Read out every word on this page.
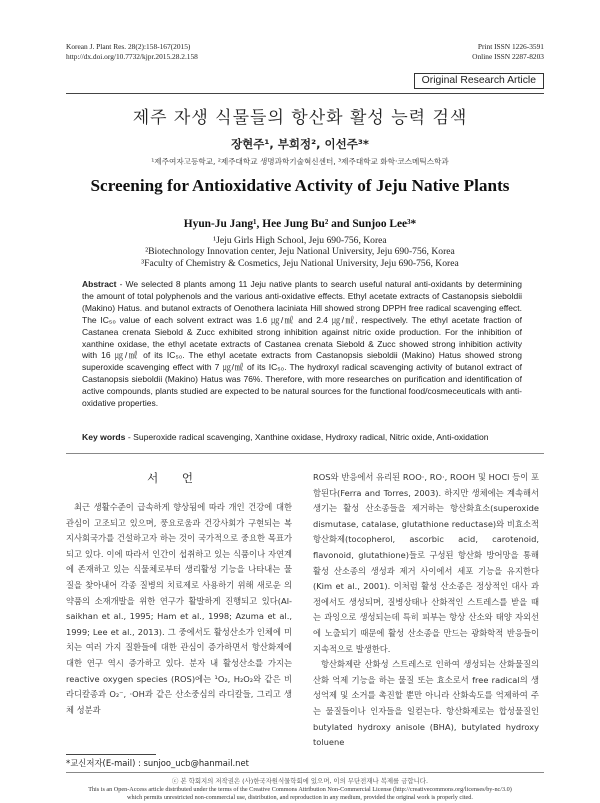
Korean J. Plant Res. 28(2):158-167(2015)
http://dx.doi.org/10.7732/kjpr.2015.28.2.158
Print ISSN 1226-3591
Online ISSN 2287-8203
Original Research Article
제주 자생 식물들의 항산화 활성 능력 검색
장현주¹, 부희정², 이선주³*
¹제주여자고등학교, ²제주대학교 생명과학기술혁신센터, ³제주대학교 화학·코스메틱스학과
Screening for Antioxidative Activity of Jeju Native Plants
Hyun-Ju Jang¹, Hee Jung Bu² and Sunjoo Lee³*
¹Jeju Girls High School, Jeju 690-756, Korea
²Biotechnology Innovation center, Jeju National University, Jeju 690-756, Korea
³Faculty of Chemistry & Cosmetics, Jeju National University, Jeju 690-756, Korea
Abstract - We selected 8 plants among 11 Jeju native plants to search useful natural anti-oxidants by determining the amount of total polyphenols and the various anti-oxidative effects. Ethyl acetate extracts of Castanopsis sieboldii (Makino) Hatus. and butanol extracts of Oenothera laciniata Hill showed strong DPPH free radical scavenging effect. The IC₅₀ value of each solvent extract was 1.6 ㎍/㎖ and 2.4 ㎍/㎖, respectively. The ethyl acetate fraction of Castanea crenata Siebold & Zucc exhibited strong inhibition against nitric oxide production. For the inhibition of xanthine oxidase, the ethyl acetate extracts of Castanea crenata Siebold & Zucc showed strong inhibition activity with 16 ㎍/㎖ of its IC₅₀. The ethyl acetate extracts from Castanopsis sieboldii (Makino) Hatus showed strong superoxide scavenging effect with 7 ㎍/㎖ of its IC₅₀. The hydroxyl radical scavenging activity of butanol extract of Castanopsis sieboldii (Makino) Hatus was 76%. Therefore, with more researches on purification and identification of active compounds, plants studied are expected to be natural sources for the functional food/cosmeceuticals with anti-oxidative properties.
Key words - Superoxide radical scavenging, Xanthine oxidase, Hydroxy radical, Nitric oxide, Anti-oxidation
서 언

최근 생활수준이 급속하게 향상됨에 따라 개인 건강에 대한 관심이 고조되고 있으며, 풍요로움과 건강사회가 구현되는 복지사회국가를 건설하고자 하는 것이 국가적으로 중요한 목표가 되고 있다. 이에 따라서 인간이 섭취하고 있는 식품이나 자연계에 존재하고 있는 식물체로부터 생리활성 기능을 나타내는 물질을 찾아내어 각종 질병의 치료제로 사용하기 위해 새로운 의약품의 소재개발을 위한 연구가 활발하게 진행되고 있다(Al-saikhan et al., 1995; Ham et al., 1998; Azuma et al., 1999; Lee et al., 2013). 그 중에서도 활성산소가 인체에 미치는 여러 가지 질환들에 대한 관심이 증가하면서 항산화제에 대한 연구 역시 증가하고 있다. 분자 내 활성산소를 가지는 reactive oxygen species (ROS)에는 ¹O₂, H₂O₂와 같은 비 라디칼종과 O₂⁻, ·OH과 같은 산소중심의 라디칼들, 그리고 생체 성분과

ROS와 반응에서 유리된 ROO·, RO·, ROOH 및 HOCl 등이 포함된다(Ferra and Torres, 2003). 하지만 생체에는 계속해서 생기는 활성 산소종들을 제거하는 항산화효소(superoxide dismutase, catalase, glutathione reductase)와 비효소적 항산화제(tocopherol, ascorbic acid, carotenoid, flavonoid, glutathione)들로 구성된 항산화 방어망을 통해 활성 산소종의 생성과 제거 사이에서 세포 기능을 유지한다(Kim et al., 2001). 이처럼 활성 산소종은 정상적인 대사 과정에서도 생성되며, 질병상태나 산화적인 스트레스를 받을 때는 과잉으로 생성되는데 특히 피부는 항상 산소와 태양 자외선에 노출되기 때문에 활성 산소종을 만드는 광화학적 반응들이 지속적으로 발생한다.

항산화제란 산화성 스트레스로 인하여 생성되는 산화물질의 산화 억제 기능을 하는 물질 또는 효소로서 free radical의 생성억제 및 소거를 촉진할 뿐만 아니라 산화속도를 억제하여 주는 물질들이나 인자들을 일컫는다. 항산화제로는 합성물질인 butylated hydroxy anisole (BHA), butylated hydroxy toluene

*교신저자(E-mail) : sunjoo_ucb@hanmail.net
ⓒ 본 학회지의 저작권은 (사)한국자원식물학회에 있으며, 이의 무단전재나 복제를 금합니다.
This is an Open-Access article distributed under the terms of the Creative Commons Attribution Non-Commercial License (http://creativecommons.org/licenses/by-nc/3.0)
which permits unrestricted non-commercial use, distribution, and reproduction in any medium, provided the original work is properly cited.
